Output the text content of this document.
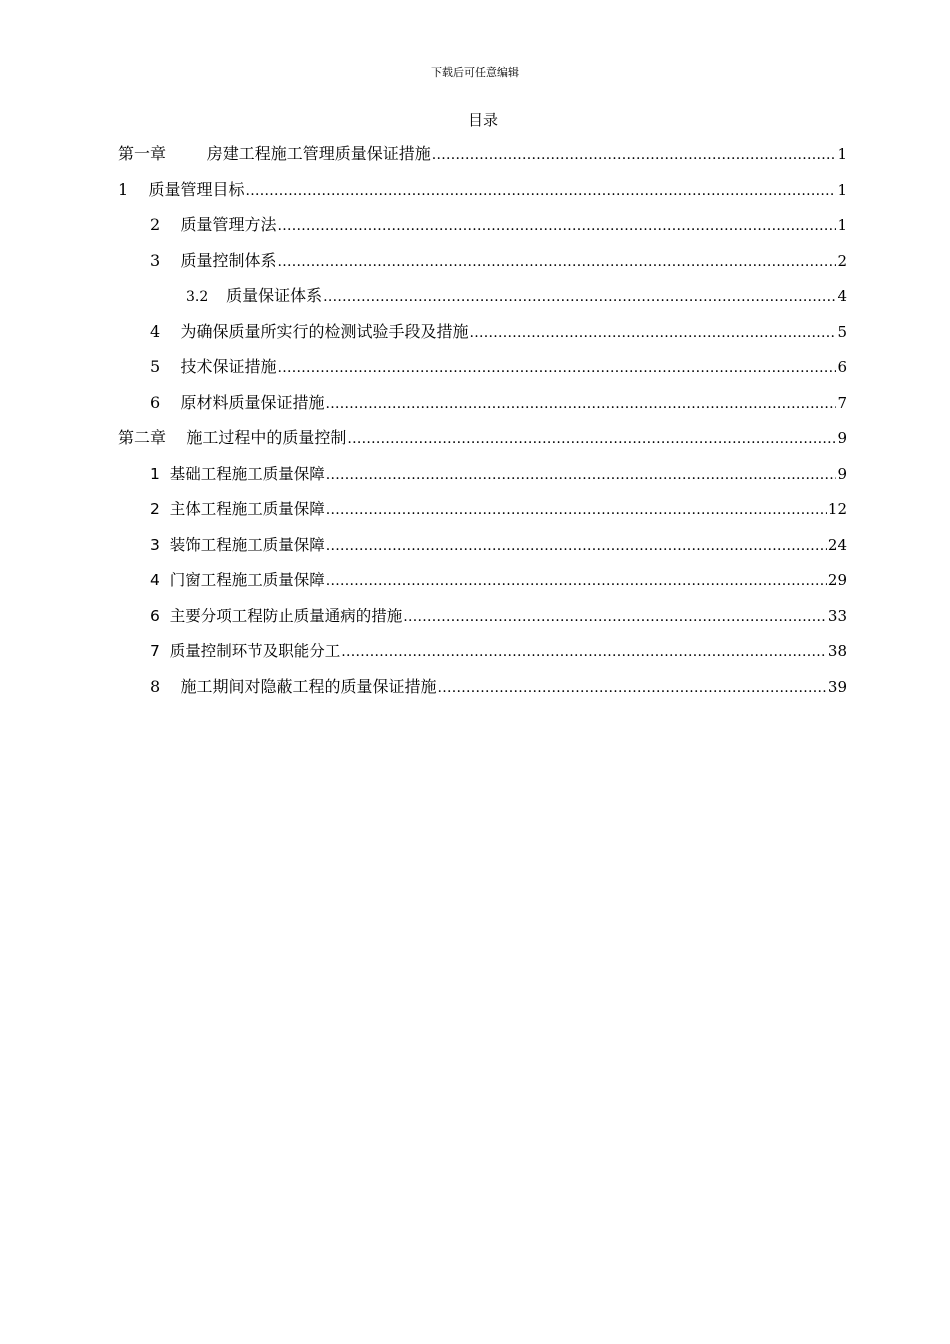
下载后可任意编辑
目录
第一章 房建工程施工管理质量保证措施 .....	1
1 质量管理目标 .....	1
2 质量管理方法 .....	1
3 质量控制体系 .....	2
3.2 质量保证体系 .....	4
4 为确保质量所实行的检测试验手段及措施 .....	5
5 技术保证措施 .....	6
6 原材料质量保证措施 .....	7
第二章 施工过程中的质量控制 .....	9
1 基础工程施工质量保障 .....	9
2 主体工程施工质量保障 .....	12
3 装饰工程施工质量保障 .....	24
4 门窗工程施工质量保障 .....	29
6 主要分项工程防止质量通病的措施 .....	33
7 质量控制环节及职能分工 .....	38
8 施工期间对隐蔽工程的质量保证措施 .....	39
